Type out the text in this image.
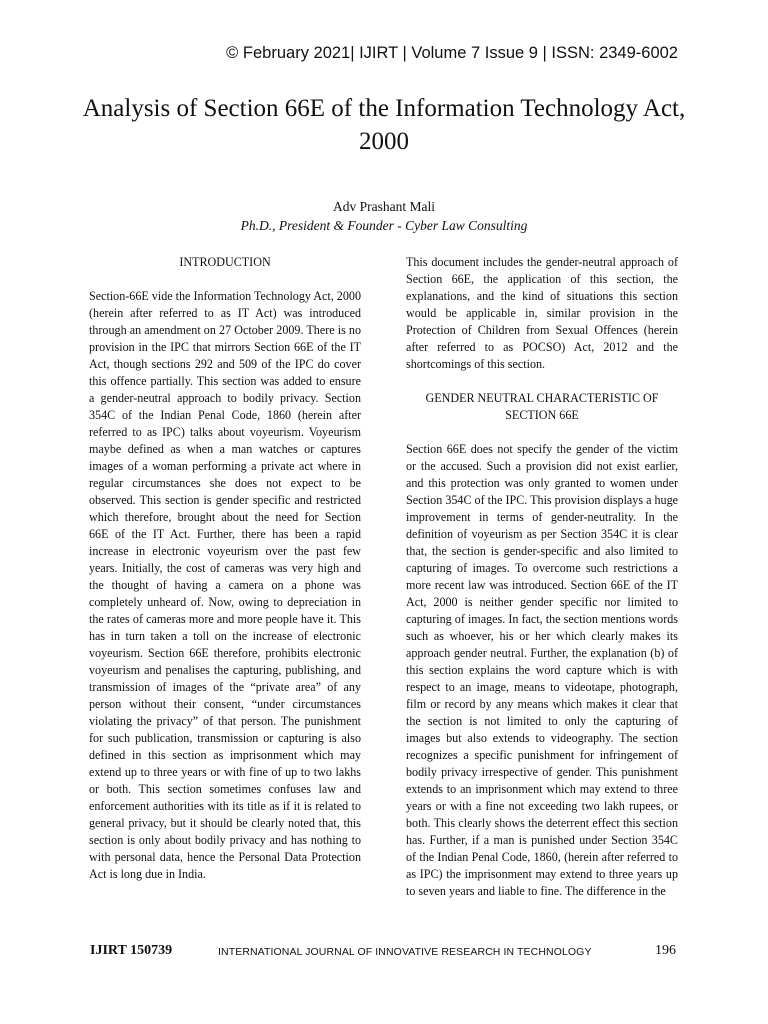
© February 2021| IJIRT | Volume 7 Issue 9 | ISSN: 2349-6002
Analysis of Section 66E of the Information Technology Act, 2000
Adv Prashant Mali
Ph.D., President & Founder - Cyber Law Consulting
INTRODUCTION

Section-66E vide the Information Technology Act, 2000 (herein after referred to as IT Act) was introduced through an amendment on 27 October 2009. There is no provision in the IPC that mirrors Section 66E of the IT Act, though sections 292 and 509 of the IPC do cover this offence partially. This section was added to ensure a gender-neutral approach to bodily privacy. Section 354C of the Indian Penal Code, 1860 (herein after referred to as IPC) talks about voyeurism. Voyeurism maybe defined as when a man watches or captures images of a woman performing a private act where in regular circumstances she does not expect to be observed. This section is gender specific and restricted which therefore, brought about the need for Section 66E of the IT Act. Further, there has been a rapid increase in electronic voyeurism over the past few years. Initially, the cost of cameras was very high and the thought of having a camera on a phone was completely unheard of. Now, owing to depreciation in the rates of cameras more and more people have it. This has in turn taken a toll on the increase of electronic voyeurism. Section 66E therefore, prohibits electronic voyeurism and penalises the capturing, publishing, and transmission of images of the “private area” of any person without their consent, “under circumstances violating the privacy” of that person. The punishment for such publication, transmission or capturing is also defined in this section as imprisonment which may extend up to three years or with fine of up to two lakhs or both. This section sometimes confuses law and enforcement authorities with its title as if it is related to general privacy, but it should be clearly noted that, this section is only about bodily privacy and has nothing to with personal data, hence the Personal Data Protection Act is long due in India.

This document includes the gender-neutral approach of Section 66E, the application of this section, the explanations, and the kind of situations this section would be applicable in, similar provision in the Protection of Children from Sexual Offences (herein after referred to as POCSO) Act, 2012 and the shortcomings of this section.

GENDER NEUTRAL CHARACTERISTIC OF SECTION 66E

Section 66E does not specify the gender of the victim or the accused. Such a provision did not exist earlier, and this protection was only granted to women under Section 354C of the IPC. This provision displays a huge improvement in terms of gender-neutrality. In the definition of voyeurism as per Section 354C it is clear that, the section is gender-specific and also limited to capturing of images. To overcome such restrictions a more recent law was introduced. Section 66E of the IT Act, 2000 is neither gender specific nor limited to capturing of images. In fact, the section mentions words such as whoever, his or her which clearly makes its approach gender neutral. Further, the explanation (b) of this section explains the word capture which is with respect to an image, means to videotape, photograph, film or record by any means which makes it clear that the section is not limited to only the capturing of images but also extends to videography. The section recognizes a specific punishment for infringement of bodily privacy irrespective of gender. This punishment extends to an imprisonment which may extend to three years or with a fine not exceeding two lakh rupees, or both. This clearly shows the deterrent effect this section has. Further, if a man is punished under Section 354C of the Indian Penal Code, 1860, (herein after referred to as IPC) the imprisonment may extend to three years up to seven years and liable to fine. The difference in the

IJIRT 150739	INTERNATIONAL JOURNAL OF INNOVATIVE RESEARCH IN TECHNOLOGY	196
